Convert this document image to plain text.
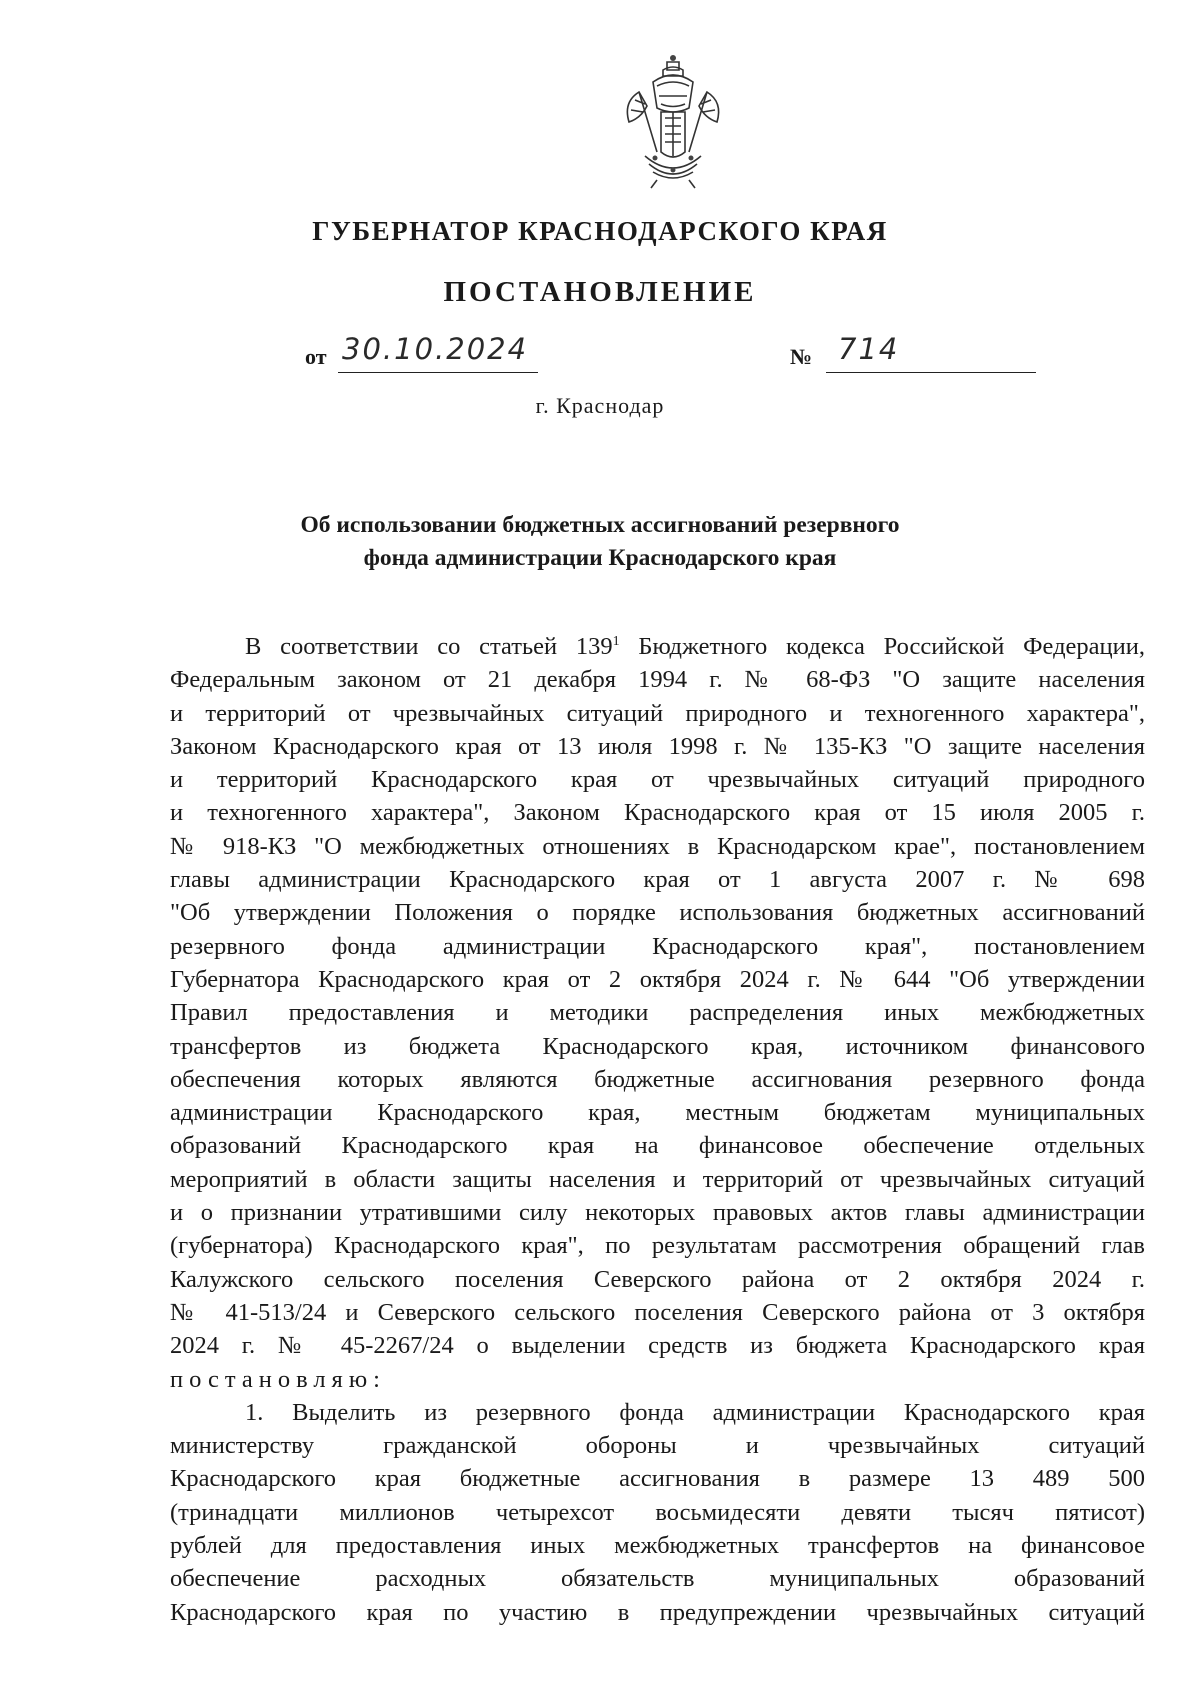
ГУБЕРНАТОР КРАСНОДАРСКОГО КРАЯ
ПОСТАНОВЛЕНИЕ
от 30.10.2024	№ 714
г. Краснодар
Об использовании бюджетных ассигнований резервного
фонда администрации Краснодарского края
В соответствии со статьей $139^1$ Бюджетного кодекса Российской Федерации,
Федеральным законом от 21 декабря 1994 г. № 68-ФЗ "О защите населения
и территорий от чрезвычайных ситуаций природного и техногенного характера",
Законом Краснодарского края от 13 июля 1998 г. № 135-КЗ "О защите населения
и территорий Краснодарского края от чрезвычайных ситуаций природного
и техногенного характера", Законом Краснодарского края от 15 июля 2005 г.
№ 918-КЗ "О межбюджетных отношениях в Краснодарском крае", постановлением
главы администрации Краснодарского края от 1 августа 2007 г. № 698
"Об утверждении Положения о порядке использования бюджетных ассигнований
резервного фонда администрации Краснодарского края", постановлением
Губернатора Краснодарского края от 2 октября 2024 г. № 644 "Об утверждении
Правил предоставления и методики распределения иных межбюджетных
трансфертов из бюджета Краснодарского края, источником финансового
обеспечения которых являются бюджетные ассигнования резервного фонда
администрации Краснодарского края, местным бюджетам муниципальных
образований Краснодарского края на финансовое обеспечение отдельных
мероприятий в области защиты населения и территорий от чрезвычайных ситуаций
и о признании утратившими силу некоторых правовых актов главы администрации
(губернатора) Краснодарского края", по результатам рассмотрения обращений глав
Калужского сельского поселения Северского района от 2 октября 2024 г.
№ 41-513/24 и Северского сельского поселения Северского района от 3 октября
2024 г. № 45-2267/24 о выделении средств из бюджета Краснодарского края
постановляю:
1. Выделить из резервного фонда администрации Краснодарского края
министерству гражданской обороны и чрезвычайных ситуаций
Краснодарского края бюджетные ассигнования в размере 13 489 500
(тринадцати миллионов четырехсот восьмидесяти девяти тысяч пятисот)
рублей для предоставления иных межбюджетных трансфертов на финансовое
обеспечение расходных обязательств муниципальных образований
Краснодарского края по участию в предупреждении чрезвычайных ситуаций
